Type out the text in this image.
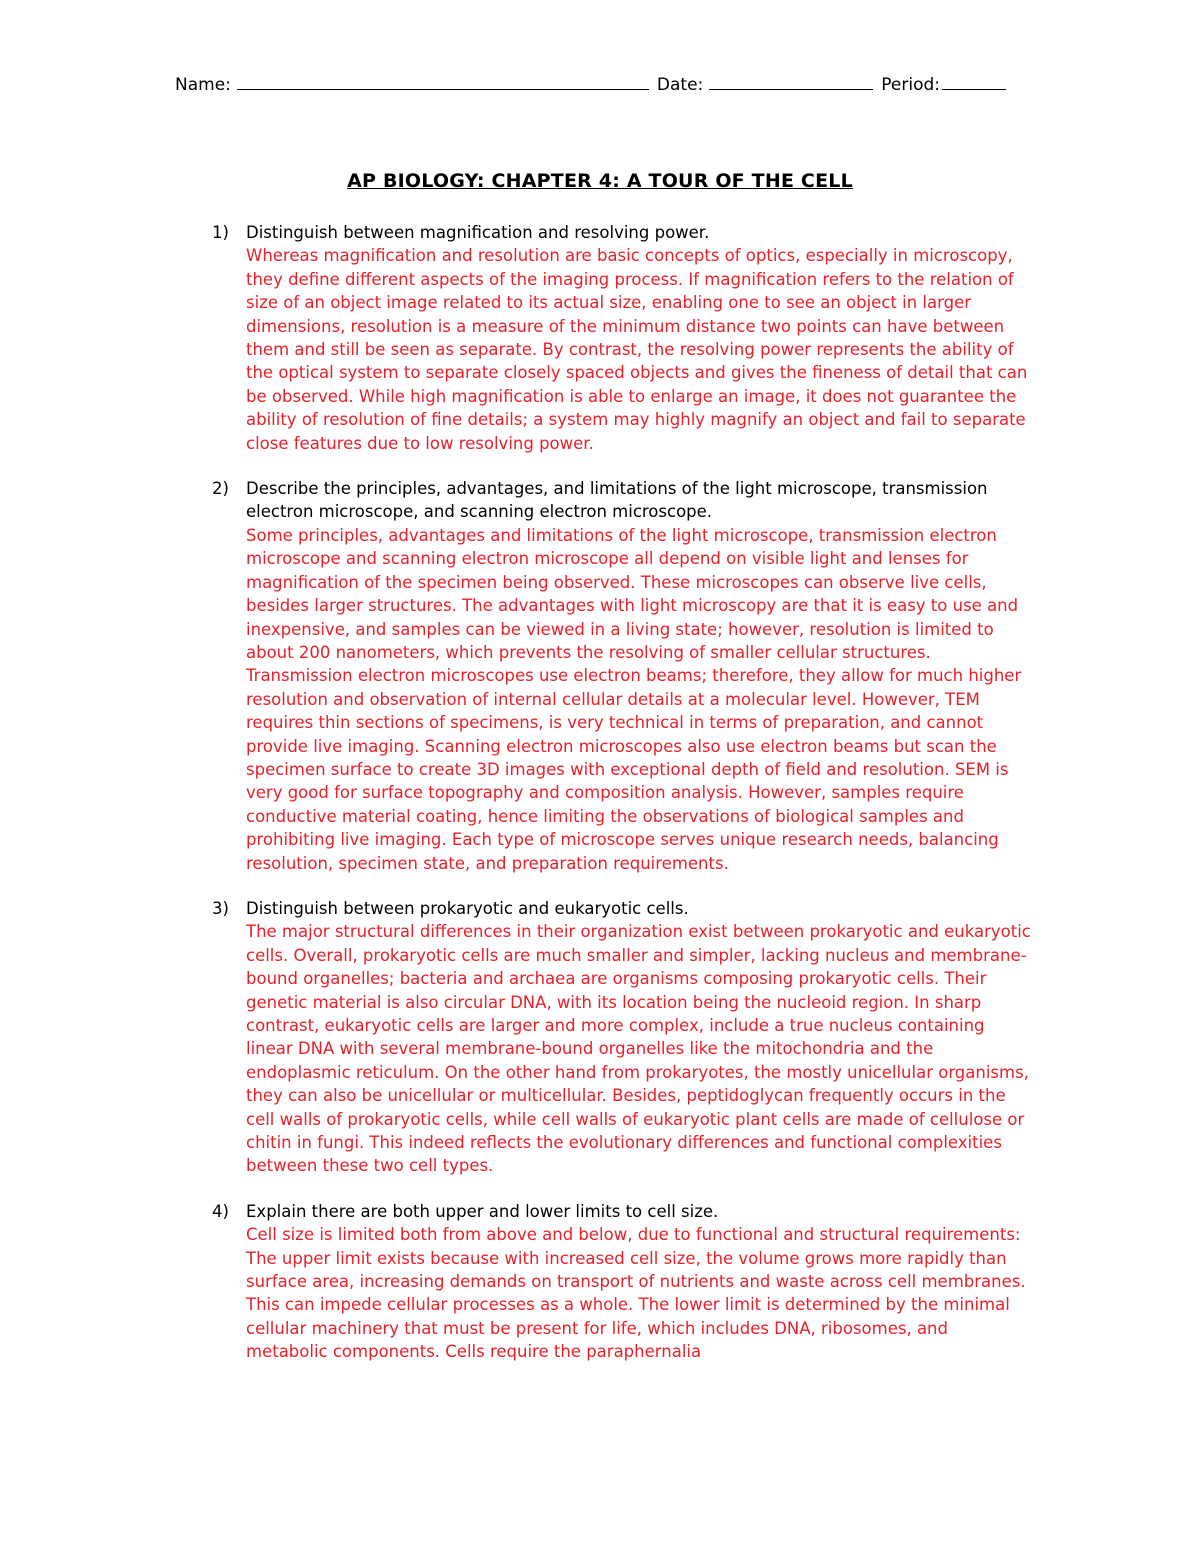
Name:	Date:	Period:
AP BIOLOGY: CHAPTER 4: A TOUR OF THE CELL
1)	Distinguish between magnification and resolving power.
Whereas magnification and resolution are basic concepts of optics, especially in microscopy, they define different aspects of the imaging process. If magnification refers to the relation of size of an object image related to its actual size, enabling one to see an object in larger dimensions, resolution is a measure of the minimum distance two points can have between them and still be seen as separate. By contrast, the resolving power represents the ability of the optical system to separate closely spaced objects and gives the fineness of detail that can be observed. While high magnification is able to enlarge an image, it does not guarantee the ability of resolution of fine details; a system may highly magnify an object and fail to separate close features due to low resolving power.
2)	Describe the principles, advantages, and limitations of the light microscope, transmission electron microscope, and scanning electron microscope.
Some principles, advantages and limitations of the light microscope, transmission electron microscope and scanning electron microscope all depend on visible light and lenses for magnification of the specimen being observed. These microscopes can observe live cells, besides larger structures. The advantages with light microscopy are that it is easy to use and inexpensive, and samples can be viewed in a living state; however, resolution is limited to about 200 nanometers, which prevents the resolving of smaller cellular structures. Transmission electron microscopes use electron beams; therefore, they allow for much higher resolution and observation of internal cellular details at a molecular level. However, TEM requires thin sections of specimens, is very technical in terms of preparation, and cannot provide live imaging. Scanning electron microscopes also use electron beams but scan the specimen surface to create 3D images with exceptional depth of field and resolution. SEM is very good for surface topography and composition analysis. However, samples require conductive material coating, hence limiting the observations of biological samples and prohibiting live imaging. Each type of microscope serves unique research needs, balancing resolution, specimen state, and preparation requirements.
3)	Distinguish between prokaryotic and eukaryotic cells.
The major structural differences in their organization exist between prokaryotic and eukaryotic cells. Overall, prokaryotic cells are much smaller and simpler, lacking nucleus and membrane-bound organelles; bacteria and archaea are organisms composing prokaryotic cells. Their genetic material is also circular DNA, with its location being the nucleoid region. In sharp contrast, eukaryotic cells are larger and more complex, include a true nucleus containing linear DNA with several membrane-bound organelles like the mitochondria and the endoplasmic reticulum. On the other hand from prokaryotes, the mostly unicellular organisms, they can also be unicellular or multicellular. Besides, peptidoglycan frequently occurs in the cell walls of prokaryotic cells, while cell walls of eukaryotic plant cells are made of cellulose or chitin in fungi. This indeed reflects the evolutionary differences and functional complexities between these two cell types.
4)	Explain there are both upper and lower limits to cell size.
Cell size is limited both from above and below, due to functional and structural requirements: The upper limit exists because with increased cell size, the volume grows more rapidly than surface area, increasing demands on transport of nutrients and waste across cell membranes. This can impede cellular processes as a whole. The lower limit is determined by the minimal cellular machinery that must be present for life, which includes DNA, ribosomes, and metabolic components. Cells require the paraphernalia
